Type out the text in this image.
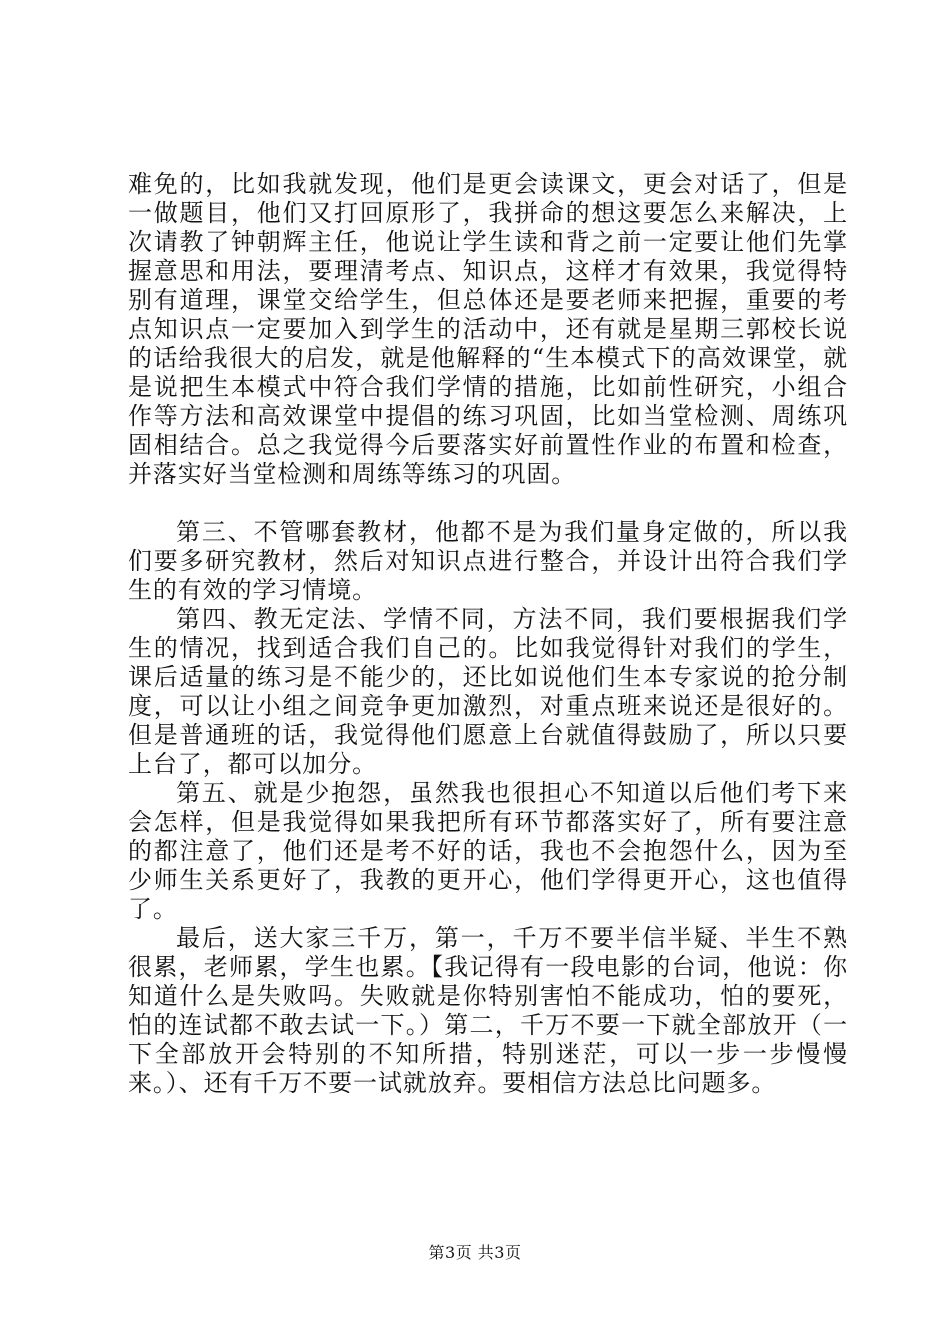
难免的，比如我就发现，他们是更会读课文，更会对话了，但是一做题目，他们又打回原形了，我拼命的想这要怎么来解决，上次请教了钟朝辉主任，他说让学生读和背之前一定要让他们先掌握意思和用法，要理清考点、知识点，这样才有效果，我觉得特别有道理，课堂交给学生，但总体还是要老师来把握，重要的考点知识点一定要加入到学生的活动中，还有就是星期三郭校长说的话给我很大的启发，就是他解释的“生本模式下的高效课堂，就是说把生本模式中符合我们学情的措施，比如前性研究，小组合作等方法和高效课堂中提倡的练习巩固，比如当堂检测、周练巩固相结合。总之我觉得今后要落实好前置性作业的布置和检查，并落实好当堂检测和周练等练习的巩固。

第三、不管哪套教材，他都不是为我们量身定做的，所以我们要多研究教材，然后对知识点进行整合，并设计出符合我们学生的有效的学习情境。

第四、教无定法、学情不同，方法不同，我们要根据我们学生的情况，找到适合我们自己的。比如我觉得针对我们的学生，课后适量的练习是不能少的，还比如说他们生本专家说的抢分制度，可以让小组之间竞争更加激烈，对重点班来说还是很好的。但是普通班的话，我觉得他们愿意上台就值得鼓励了，所以只要上台了，都可以加分。

第五、就是少抱怨，虽然我也很担心不知道以后他们考下来会怎样，但是我觉得如果我把所有环节都落实好了，所有要注意的都注意了，他们还是考不好的话，我也不会抱怨什么，因为至少师生关系更好了，我教的更开心，他们学得更开心，这也值得了。

最后，送大家三千万，第一，千万不要半信半疑、半生不熟很累，老师累，学生也累。【我记得有一段电影的台词，他说：你知道什么是失败吗。失败就是你特别害怕不能成功，怕的要死，怕的连试都不敢去试一下。）第二，千万不要一下就全部放开（一下全部放开会特别的不知所措，特别迷茫，可以一步一步慢慢来。）、还有千万不要一试就放弃。要相信方法总比问题多。

第3页 共3页
